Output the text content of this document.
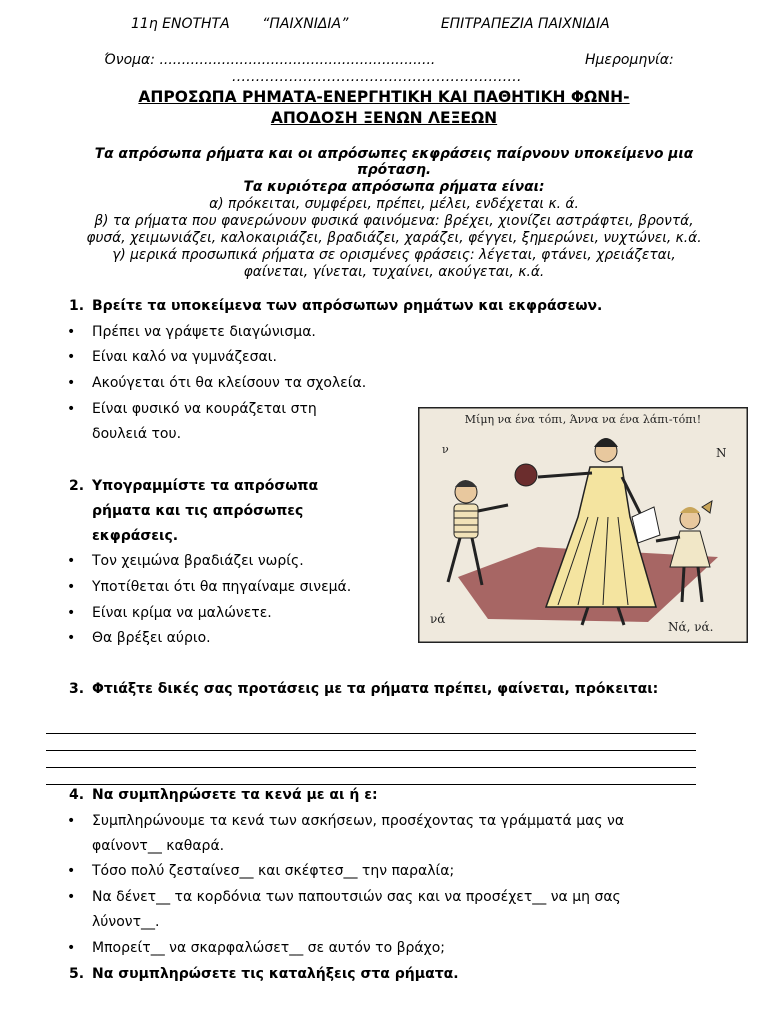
11η ΕΝΟΤΗΤΑ “ΠΑΙΧΝΙΔΙΑ”	ΕΠΙΤΡΑΠΕΖΙΑ ΠΑΙΧΝΙΔΙΑ
Όνομα: ..............................................................	Ημερομηνία:
.............................................................
ΑΠΡΟΣΩΠΑ ΡΗΜΑΤΑ-ΕΝΕΡΓΗΤΙΚΗ ΚΑΙ ΠΑΘΗΤΙΚΗ ΦΩΝΗ-
ΑΠΟΔΟΣΗ ΞΕΝΩΝ ΛΕΞΕΩΝ
Τα απρόσωπα ρήματα και οι απρόσωπες εκφράσεις παίρνουν υποκείμενο μια
πρόταση.
Τα κυριότερα απρόσωπα ρήματα είναι:
α) πρόκειται, συμφέρει, πρέπει, μέλει, ενδέχεται κ. ά.
β) τα ρήματα που φανερώνουν φυσικά φαινόμενα: βρέχει, χιονίζει αστράφτει, βροντά,
φυσά, χειμωνιάζει, καλοκαιριάζει, βραδιάζει, χαράζει, φέγγει, ξημερώνει, νυχτώνει, κ.ά.
γ) μερικά προσωπικά ρήματα σε ορισμένες φράσεις: λέγεται, φτάνει, χρειάζεται,
φαίνεται, γίνεται, τυχαίνει, ακούγεται, κ.ά.
1. Βρείτε τα υποκείμενα των απρόσωπων ρημάτων και εκφράσεων.
• Πρέπει να γράψετε διαγώνισμα.
• Είναι καλό να γυμνάζεσαι.
• Ακούγεται ότι θα κλείσουν τα σχολεία.
• Είναι φυσικό να κουράζεται στη
δουλειά του.
2. Υπογραμμίστε τα απρόσωπα
ρήματα και τις απρόσωπες
εκφράσεις.
• Τον χειμώνα βραδιάζει νωρίς.
• Υποτίθεται ότι θα πηγαίναμε σινεμά.
• Είναι κρίμα να μαλώνετε.
• Θα βρέξει αύριο.
Μίμη να ένα τόπι, Άννα να ένα λάπι-τόπι!
ν	Ν
νά
Νά, νά.
3. Φτιάξτε δικές σας προτάσεις με τα ρήματα πρέπει, φαίνεται, πρόκειται:
4. Να συμπληρώσετε τα κενά με αι ή ε:
• Συμπληρώνουμε τα κενά των ασκήσεων, προσέχοντας τα γράμματά μας να
φαίνοντ__ καθαρά.
• Τόσο πολύ ζεσταίνεσ__ και σκέφτεσ__ την παραλία;
• Να δένετ__ τα κορδόνια των παπουτσιών σας και να προσέχετ__ να μη σας
λύνοντ__.
• Μπορείτ__ να σκαρφαλώσετ__ σε αυτόν το βράχο;
5. Να συμπληρώσετε τις καταλήξεις στα ρήματα.
